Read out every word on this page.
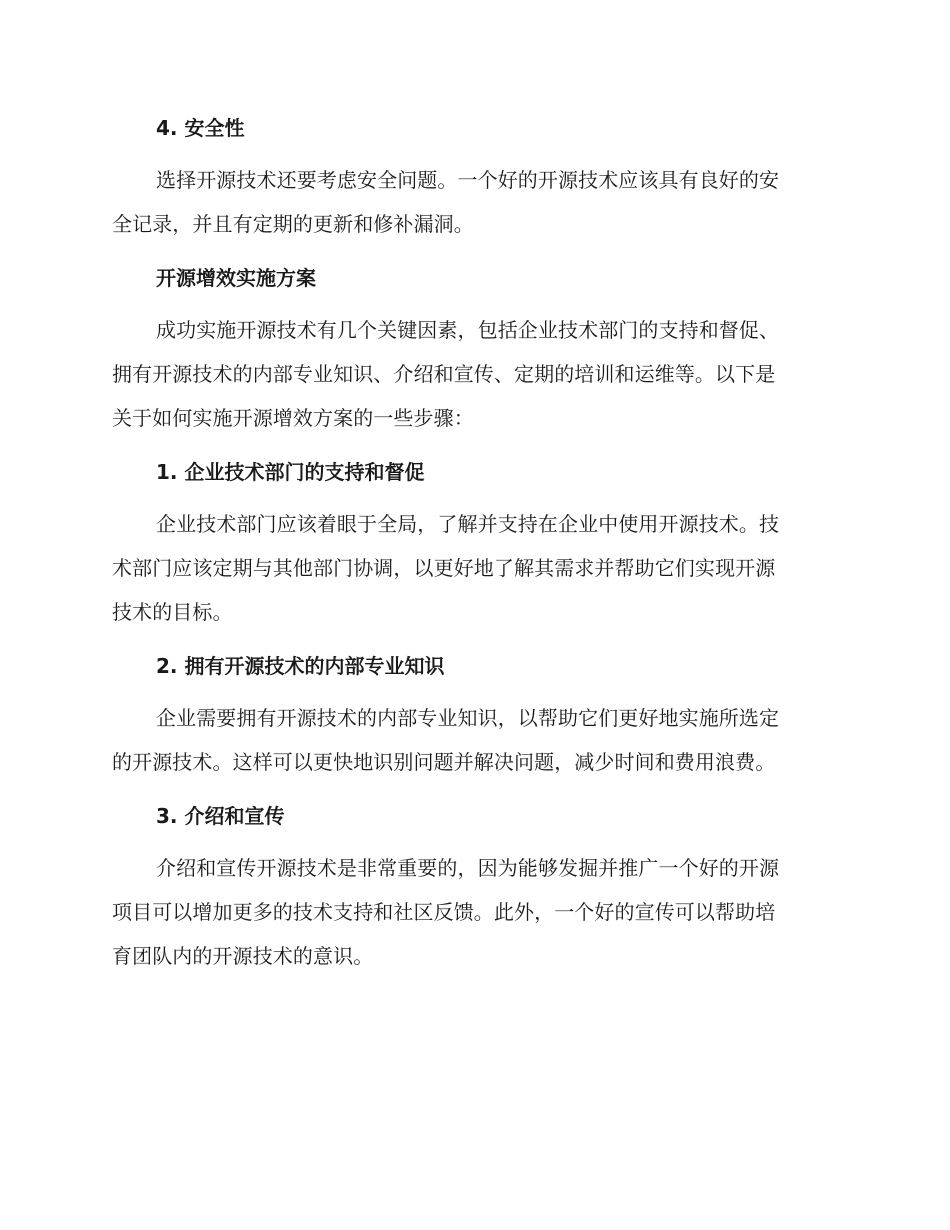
4. 安全性

选择开源技术还要考虑安全问题。一个好的开源技术应该具有良好的安
全记录，并且有定期的更新和修补漏洞。

开源增效实施方案

成功实施开源技术有几个关键因素，包括企业技术部门的支持和督促、
拥有开源技术的内部专业知识、介绍和宣传、定期的培训和运维等。以下是
关于如何实施开源增效方案的一些步骤：

1. 企业技术部门的支持和督促

企业技术部门应该着眼于全局，了解并支持在企业中使用开源技术。技
术部门应该定期与其他部门协调，以更好地了解其需求并帮助它们实现开源
技术的目标。

2. 拥有开源技术的内部专业知识

企业需要拥有开源技术的内部专业知识，以帮助它们更好地实施所选定
的开源技术。这样可以更快地识别问题并解决问题，减少时间和费用浪费。

3. 介绍和宣传

介绍和宣传开源技术是非常重要的，因为能够发掘并推广一个好的开源
项目可以增加更多的技术支持和社区反馈。此外，一个好的宣传可以帮助培
育团队内的开源技术的意识。
